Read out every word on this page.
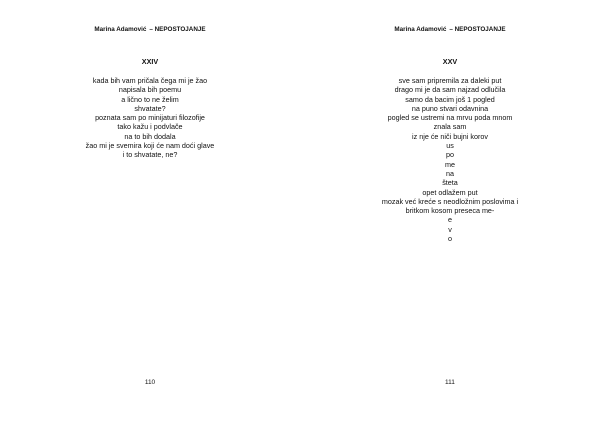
Marina Adamović – NEPOSTOJANJE
XXIV
kada bih vam pričala čega mi je žao
napisala bih poemu
a lično to ne želim
shvatate?
poznata sam po minijaturi filozofije
tako kažu i podvlače
na to bih dodala
žao mi je svemira koji će nam doći glave
i to shvatate, ne?
110
Marina Adamović – NEPOSTOJANJE
XXV
sve sam pripremila za daleki put
drago mi je da sam najzad odlučila
samo da bacim još 1 pogled
na puno stvari odavnina
pogled se ustremi na mrvu poda mnom
znala sam
iz nje će niči bujni korov
us
po
me
na
šteta
opet odlažem put
mozak već kreće s neodložnim poslovima i
britkom kosom preseca me-
e
v
o
111
